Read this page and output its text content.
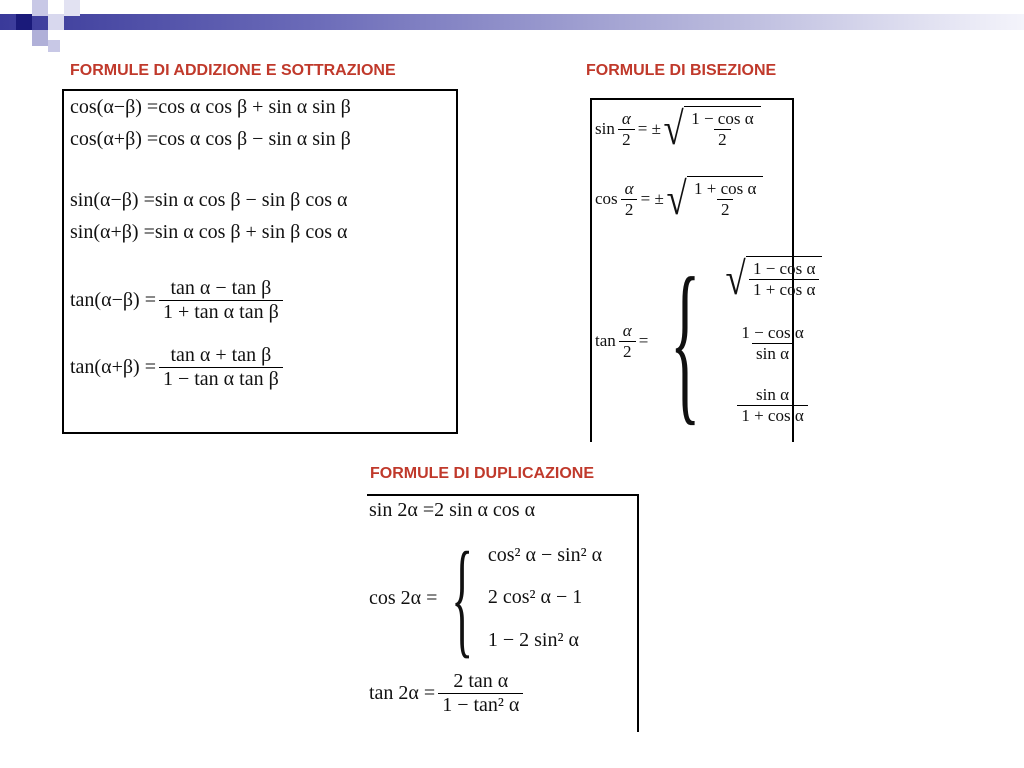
FORMULE DI ADDIZIONE E SOTTRAZIONE	FORMULE DI BISEZIONE
FORMULE DI DUPLICAZIONE
cos(α−β) = cos α cos β + sin α sin β
cos(α+β) = cos α cos β − sin α sin β
sin(α−β) = sin α cos β − sin β cos α
sin(α+β) = sin α cos β + sin β cos α
$\tan(\alpha-\beta) = \frac{\text{tan α − tan β}}{\text{1 + tan α tan β}}$
$\tan(\alpha+\beta) = \frac{\text{tan α + tan β}}{\text{1 − tan α tan β}}$
$\sin \frac{\alpha}{2}$ = ± √ $\frac{\text{1 − cos α}}{2}$
$\cos \frac{\alpha}{2}$ = ± √ $\frac{\text{1 + cos α}}{2}$
$\tan \frac{\alpha}{2}$ = { √ $\frac{\text{1 − cos α}}{\text{1 + cos α}}$
$\frac{\text{1 − cos α}}{\text{sin α}}$
$\frac{\text{sin α}}{\text{1 + cos α}}$
sin 2α = 2 sin α cos α
cos 2α = { cos² α − sin² α
2 cos² α − 1
1 − 2 sin² α
$\tan 2\alpha = \frac{\text{2 tan α}}{\text{1 − tan² α}}$
